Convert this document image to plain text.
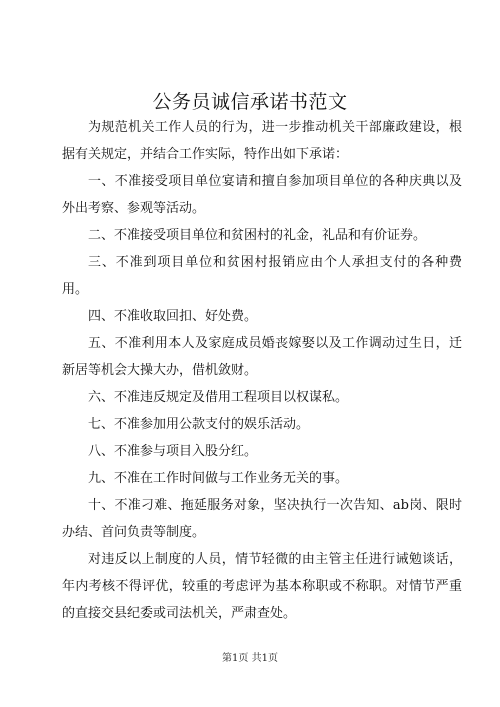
公务员诚信承诺书范文

为规范机关工作人员的行为，进一步推动机关干部廉政建设，根据有关规定，并结合工作实际，特作出如下承诺：

一、不准接受项目单位宴请和擅自参加项目单位的各种庆典以及外出考察、参观等活动。

二、不准接受项目单位和贫困村的礼金，礼品和有价证券。

三、不准到项目单位和贫困村报销应由个人承担支付的各种费用。

四、不准收取回扣、好处费。

五、不准利用本人及家庭成员婚丧嫁娶以及工作调动过生日，迁新居等机会大操大办，借机敛财。

六、不准违反规定及借用工程项目以权谋私。

七、不准参加用公款支付的娱乐活动。

八、不准参与项目入股分红。

九、不准在工作时间做与工作业务无关的事。

十、不准刁难、拖延服务对象，坚决执行一次告知、ab岗、限时办结、首问负责等制度。

对违反以上制度的人员，情节轻微的由主管主任进行诫勉谈话，年内考核不得评优，较重的考虑评为基本称职或不称职。对情节严重的直接交县纪委或司法机关，严肃查处。

第1页 共1页
